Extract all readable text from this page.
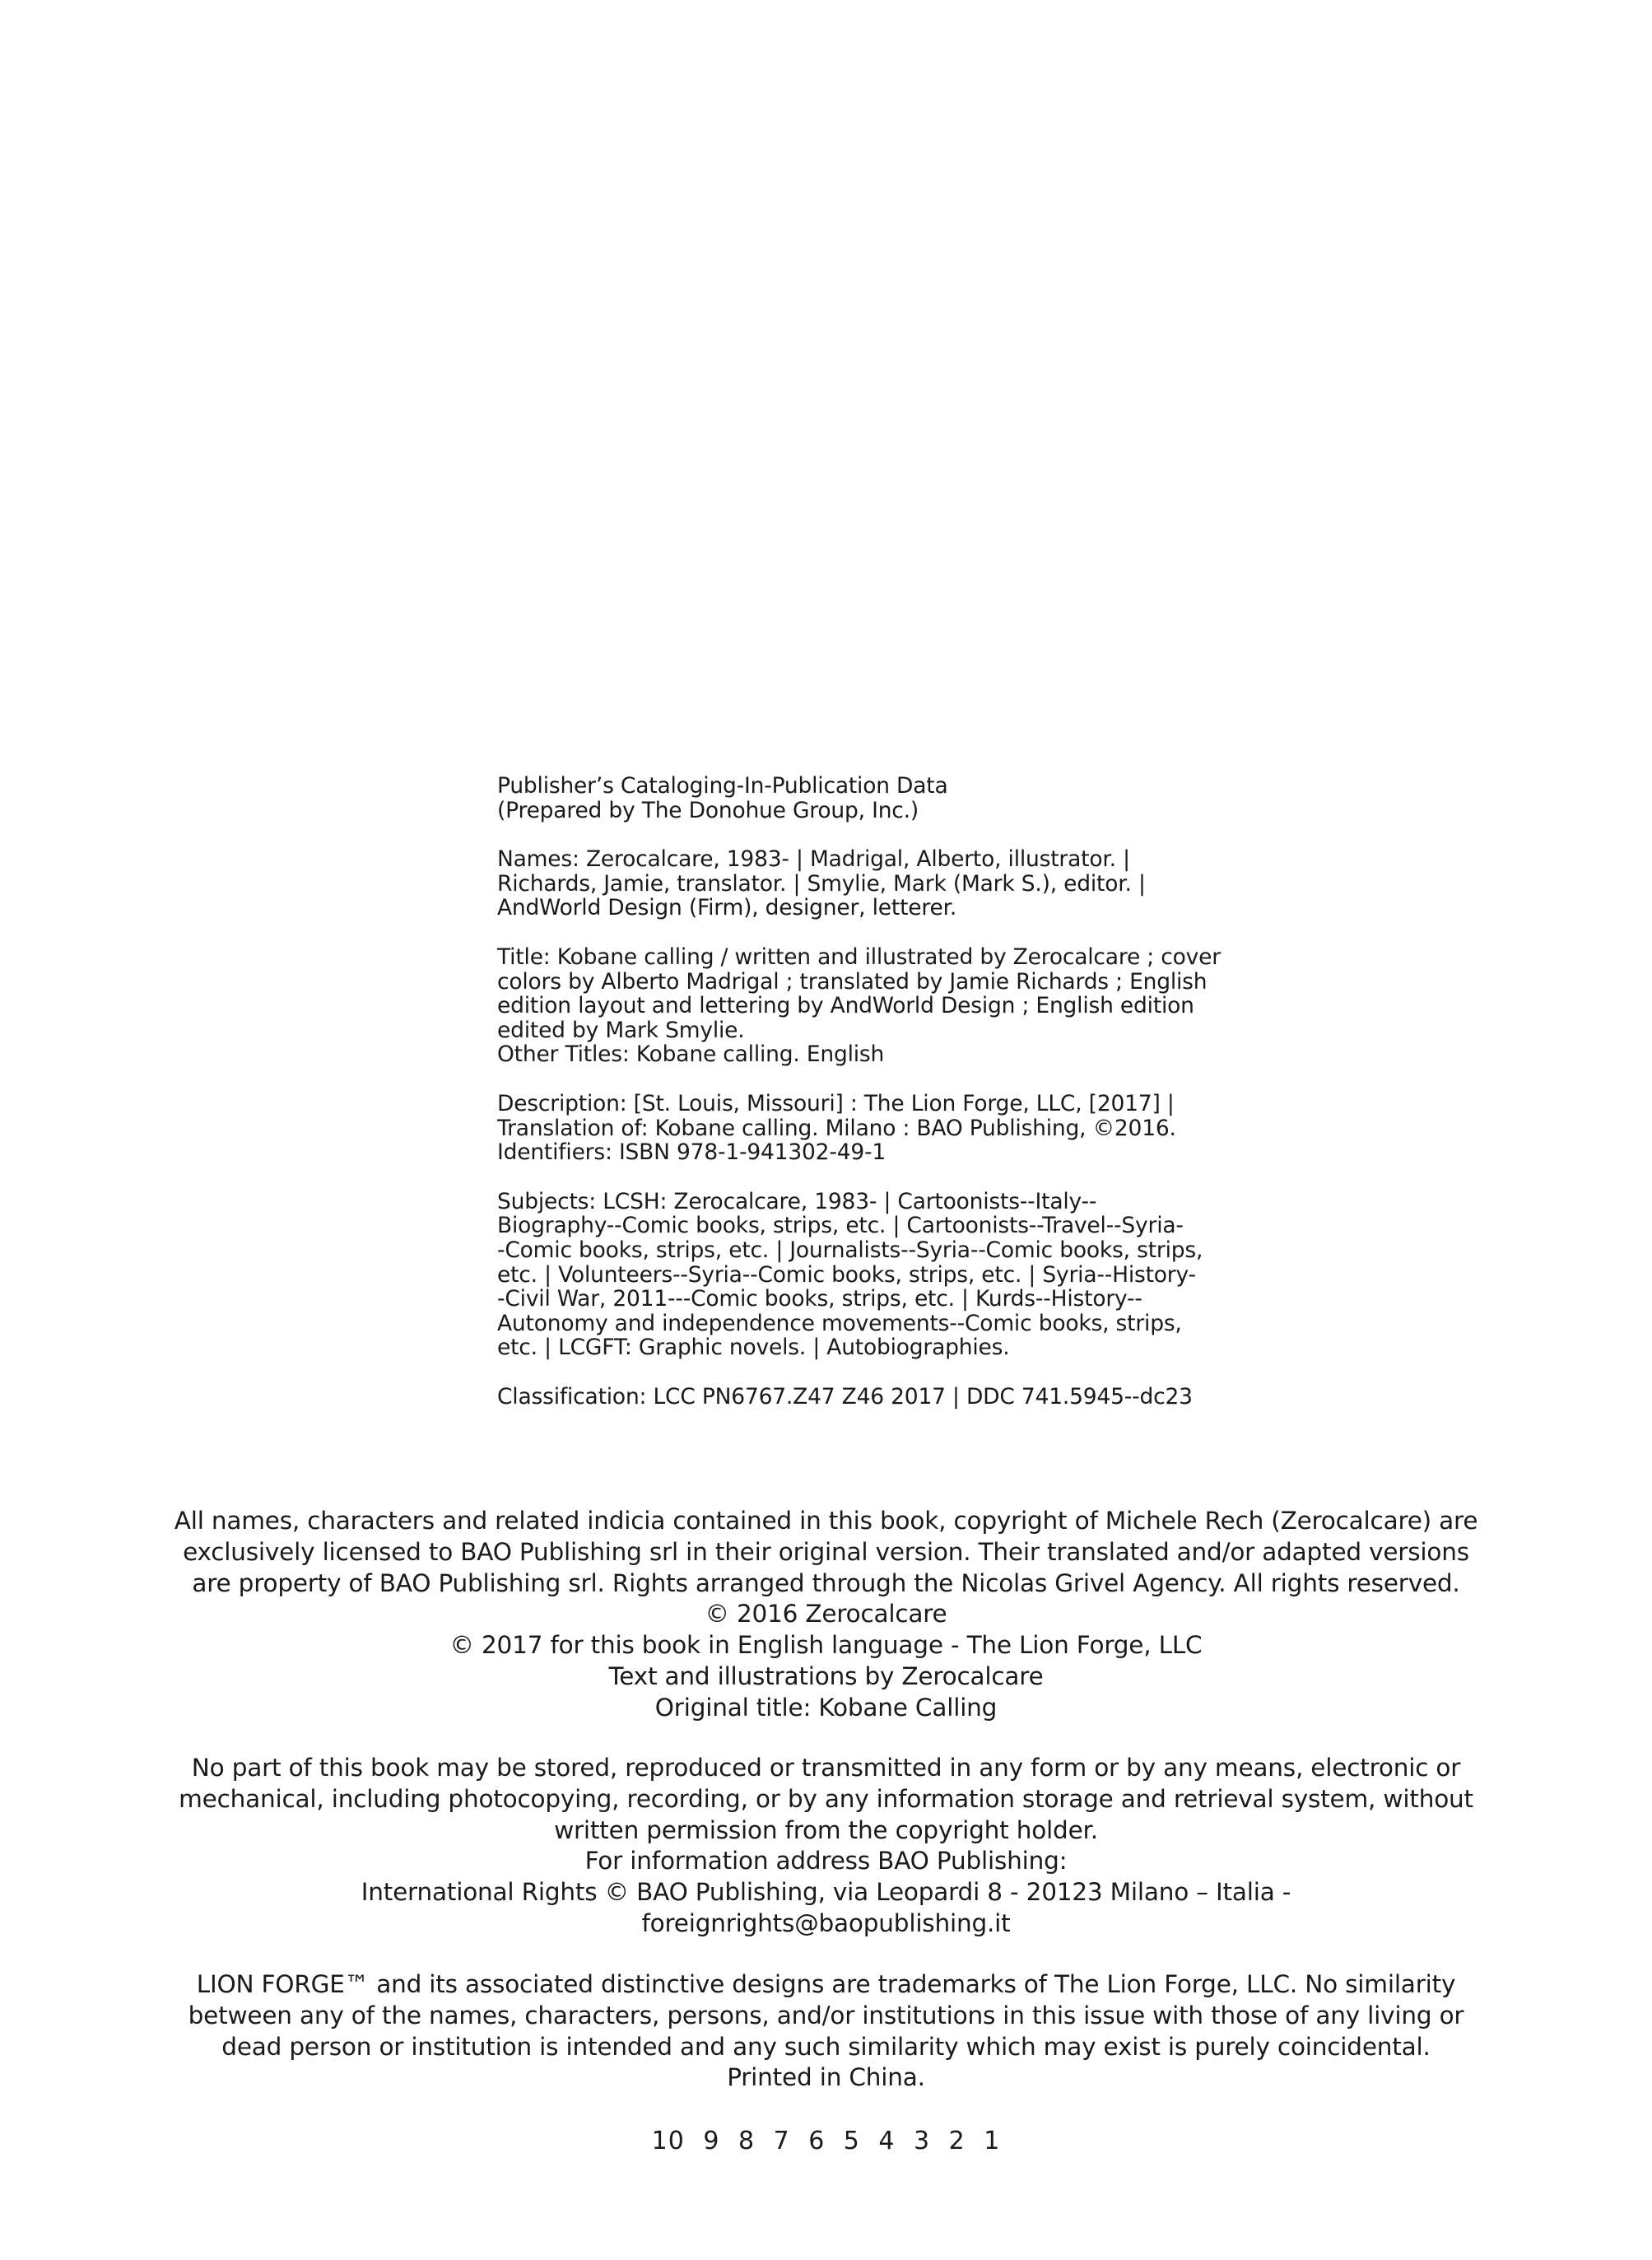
Publisher’s Cataloging-In-Publication Data
(Prepared by The Donohue Group, Inc.)
Names: Zerocalcare, 1983- | Madrigal, Alberto, illustrator. |
Richards, Jamie, translator. | Smylie, Mark (Mark S.), editor. |
AndWorld Design (Firm), designer, letterer.
Title: Kobane calling / written and illustrated by Zerocalcare ; cover
colors by Alberto Madrigal ; translated by Jamie Richards ; English
edition layout and lettering by AndWorld Design ; English edition
edited by Mark Smylie.
Other Titles: Kobane calling. English
Description: [St. Louis, Missouri] : The Lion Forge, LLC, [2017] |
Translation of: Kobane calling. Milano : BAO Publishing, ©2016.
Identifiers: ISBN 978-1-941302-49-1
Subjects: LCSH: Zerocalcare, 1983- | Cartoonists--Italy--
Biography--Comic books, strips, etc. | Cartoonists--Travel--Syria-
-Comic books, strips, etc. | Journalists--Syria--Comic books, strips,
etc. | Volunteers--Syria--Comic books, strips, etc. | Syria--History-
-Civil War, 2011---Comic books, strips, etc. | Kurds--History--
Autonomy and independence movements--Comic books, strips,
etc. | LCGFT: Graphic novels. | Autobiographies.
Classification: LCC PN6767.Z47 Z46 2017 | DDC 741.5945--dc23
All names, characters and related indicia contained in this book, copyright of Michele Rech (Zerocalcare) are
exclusively licensed to BAO Publishing srl in their original version. Their translated and/or adapted versions
are property of BAO Publishing srl. Rights arranged through the Nicolas Grivel Agency. All rights reserved.
© 2016 Zerocalcare
© 2017 for this book in English language - The Lion Forge, LLC
Text and illustrations by Zerocalcare
Original title: Kobane Calling
No part of this book may be stored, reproduced or transmitted in any form or by any means, electronic or
mechanical, including photocopying, recording, or by any information storage and retrieval system, without
written permission from the copyright holder.
For information address BAO Publishing:
International Rights © BAO Publishing, via Leopardi 8 - 20123 Milano – Italia -
foreignrights@baopublishing.it
LION FORGE™ and its associated distinctive designs are trademarks of The Lion Forge, LLC. No similarity
between any of the names, characters, persons, and/or institutions in this issue with those of any living or
dead person or institution is intended and any such similarity which may exist is purely coincidental.
Printed in China.
10 9 8 7 6 5 4 3 2 1
